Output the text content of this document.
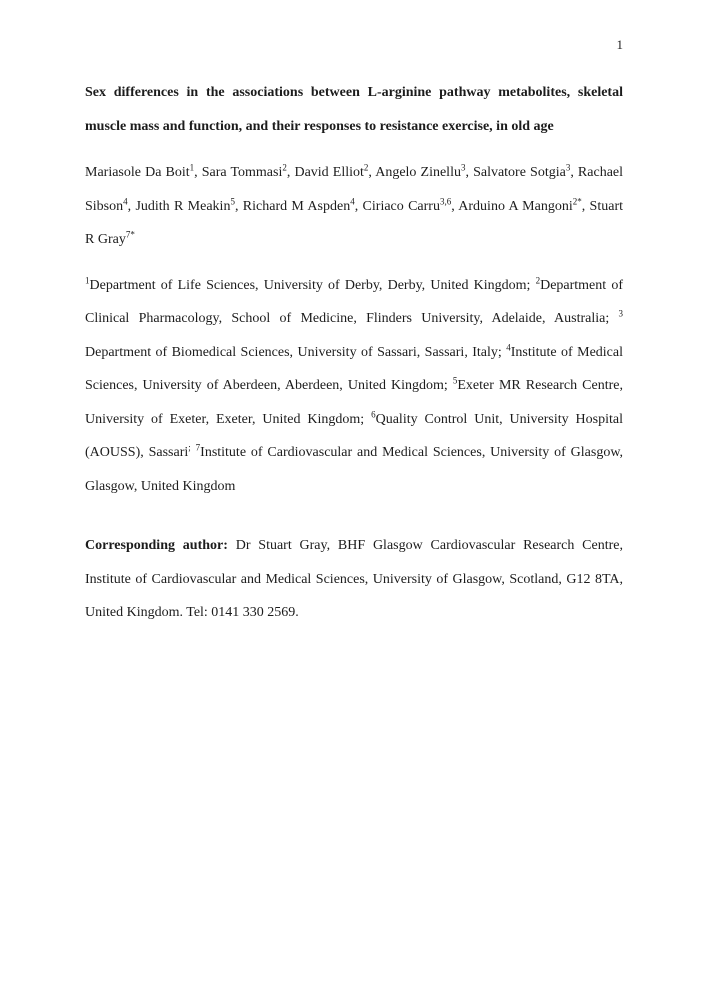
1

Sex differences in the associations between L-arginine pathway metabolites, skeletal muscle mass and function, and their responses to resistance exercise, in old age

Mariasole Da Boit$^1$, Sara Tommasi$^2$, David Elliot$^2$, Angelo Zinellu$^3$, Salvatore Sotgia$^3$, Rachael Sibson$^4$, Judith R Meakin$^5$, Richard M Aspden$^4$, Ciriaco Carru$^{3,6}$, Arduino A Mangoni$^{2*}$, Stuart R Gray$^{7*}$

$^1$Department of Life Sciences, University of Derby, Derby, United Kingdom; $^2$Department of Clinical Pharmacology, School of Medicine, Flinders University, Adelaide, Australia; $^3$ Department of Biomedical Sciences, University of Sassari, Sassari, Italy; $^4$Institute of Medical Sciences, University of Aberdeen, Aberdeen, United Kingdom; $^5$Exeter MR Research Centre, University of Exeter, Exeter, United Kingdom; $^6$Quality Control Unit, University Hospital (AOUSS), Sassari; $^7$Institute of Cardiovascular and Medical Sciences, University of Glasgow, Glasgow, United Kingdom

Corresponding author: Dr Stuart Gray, BHF Glasgow Cardiovascular Research Centre, Institute of Cardiovascular and Medical Sciences, University of Glasgow, Scotland, G12 8TA, United Kingdom. Tel: 0141 330 2569.
